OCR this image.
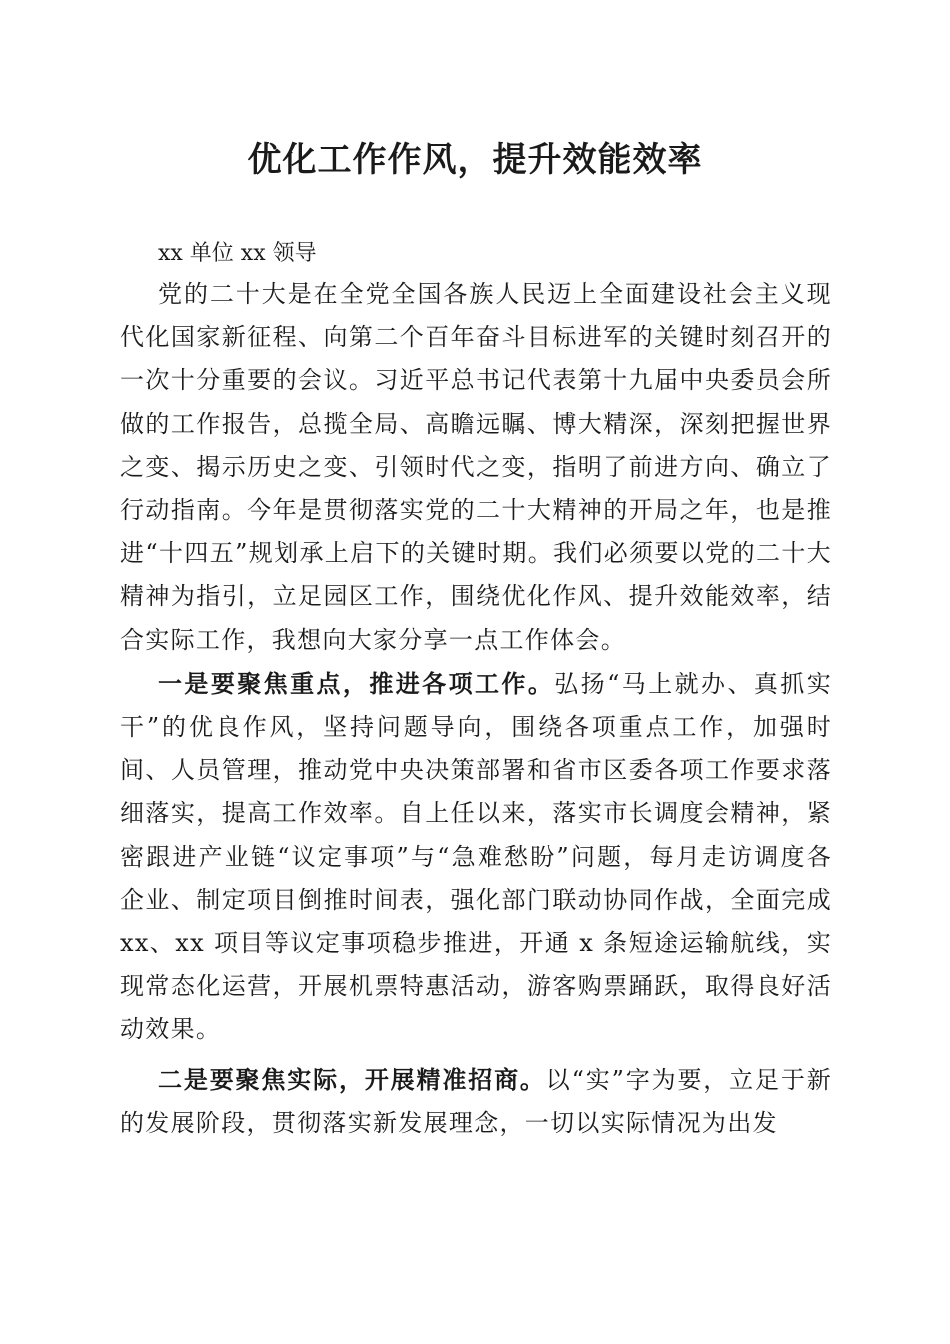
优化工作作风，提升效能效率

xx 单位 xx 领导

党的二十大是在全党全国各族人民迈上全面建设社会主义现代化国家新征程、向第二个百年奋斗目标进军的关键时刻召开的一次十分重要的会议。习近平总书记代表第十九届中央委员会所做的工作报告，总揽全局、高瞻远瞩、博大精深，深刻把握世界之变、揭示历史之变、引领时代之变，指明了前进方向、确立了行动指南。今年是贯彻落实党的二十大精神的开局之年，也是推进“十四五”规划承上启下的关键时期。我们必须要以党的二十大精神为指引，立足园区工作，围绕优化作风、提升效能效率，结合实际工作，我想向大家分享一点工作体会。

一是要聚焦重点，推进各项工作。弘扬“马上就办、真抓实干”的优良作风，坚持问题导向，围绕各项重点工作，加强时间、人员管理，推动党中央决策部署和省市区委各项工作要求落细落实，提高工作效率。自上任以来，落实市长调度会精神，紧密跟进产业链“议定事项”与“急难愁盼”问题，每月走访调度各企业、制定项目倒推时间表，强化部门联动协同作战，全面完成 xx、xx 项目等议定事项稳步推进，开通 x 条短途运输航线，实现常态化运营，开展机票特惠活动，游客购票踊跃，取得良好活动效果。

二是要聚焦实际，开展精准招商。以“实”字为要，立足于新的发展阶段，贯彻落实新发展理念，一切以实际情况为出发
